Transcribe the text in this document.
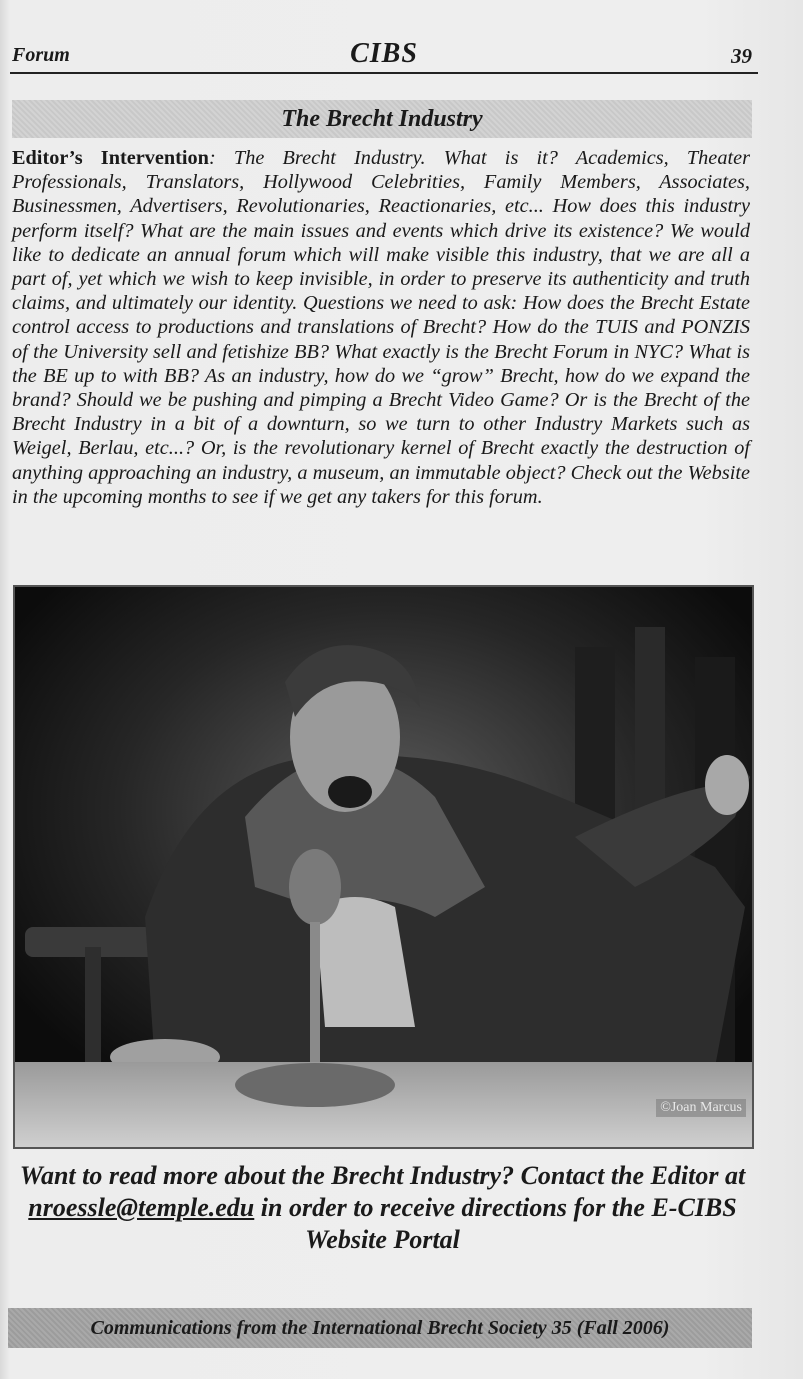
Forum	CIBS	39
The Brecht Industry
Editor’s Intervention: The Brecht Industry. What is it? Academics, Theater Professionals, Translators, Hollywood Celebrities, Family Members, Associates, Businessmen, Advertisers, Revolutionaries, Reactionaries, etc... How does this industry perform itself? What are the main issues and events which drive its existence? We would like to dedicate an annual forum which will make visible this industry, that we are all a part of, yet which we wish to keep invisible, in order to preserve its authenticity and truth claims, and ultimately our identity. Questions we need to ask: How does the Brecht Estate control access to productions and translations of Brecht? How do the TUIS and PONZIS of the University sell and fetishize BB? What exactly is the Brecht Forum in NYC? What is the BE up to with BB? As an industry, how do we “grow” Brecht, how do we expand the brand? Should we be pushing and pimping a Brecht Video Game? Or is the Brecht of the Brecht Industry in a bit of a downturn, so we turn to other Industry Markets such as Weigel, Berlau, etc...? Or, is the revolutionary kernel of Brecht exactly the destruction of anything approaching an industry, a museum, an immutable object? Check out the Website in the upcoming months to see if we get any takers for this forum.
©Joan Marcus
Want to read more about the Brecht Industry? Contact the Editor at nroessle@temple.edu in order to receive directions for the E-CIBS Website Portal
Communications from the International Brecht Society 35 (Fall 2006)
